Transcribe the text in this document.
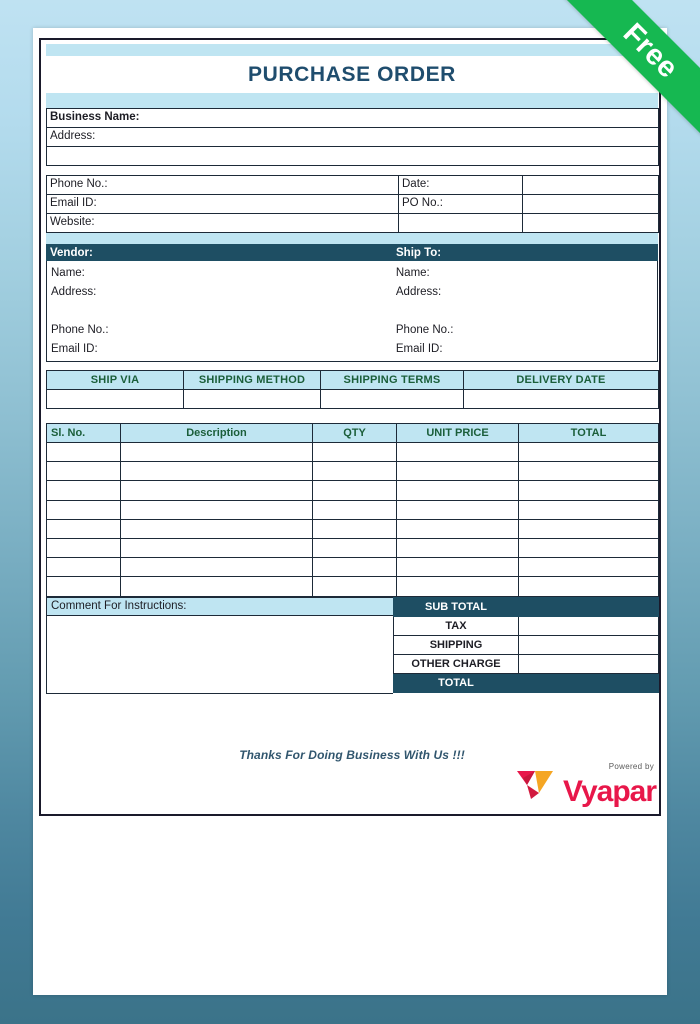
PURCHASE ORDER
Business Name:
Address:

Phone No.:	Date:	
Email ID:	PO No.:	
Website:		
Vendor:	Ship To:
Name:
Address:
Phone No.:
Email ID:
Name:
Address:
Phone No.:
Email ID:
SHIP VIA	SHIPPING METHOD	SHIPPING TERMS	DELIVERY DATE

Sl. No.	Description	QTY	UNIT PRICE	TOTAL

Comment For Instructions:	SUB TOTAL	
TAX	
SHIPPING	
OTHER CHARGE	
TOTAL	
Thanks For Doing Business With Us !!!
Powered by
Vyapar
Free
